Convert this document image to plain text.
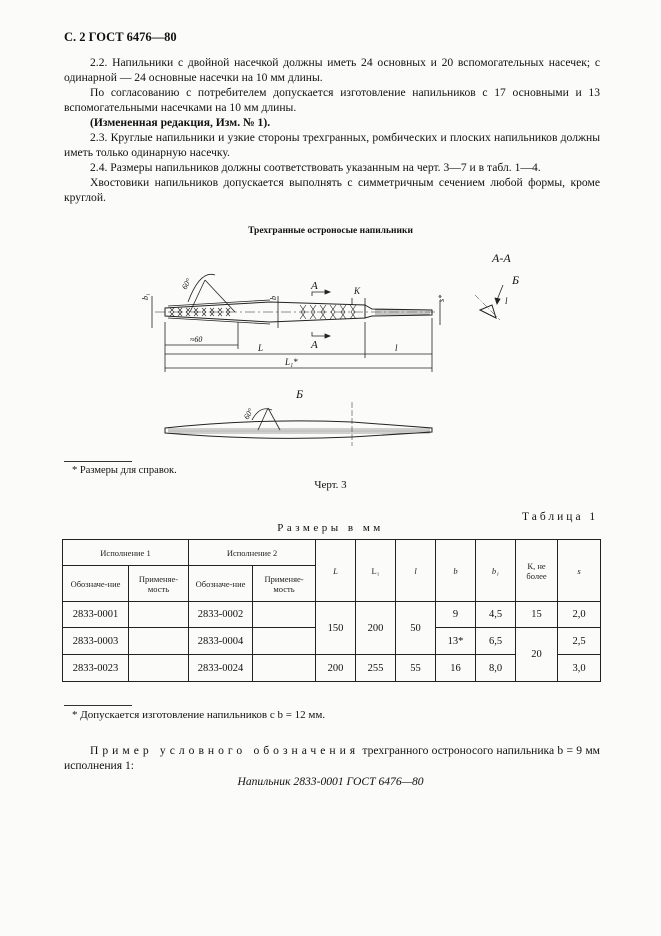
С. 2 ГОСТ 6476—80
2.2. Напильники с двойной насечкой должны иметь 24 основных и 20 вспомогательных насечек; с одинарной — 24 основные насечки на 10 мм длины.
По согласованию с потребителем допускается изготовление напильников с 17 основными и 13 вспомогательными насечками на 10 мм длины.
(Измененная редакция, Изм. № 1).
2.3. Круглые напильники и узкие стороны трехгранных, ромбических и плоских напильников должны иметь только одинарную насечку.
2.4. Размеры напильников должны соответствовать указанным на черт. 3—7 и в табл. 1—4.
Хвостовики напильников допускается выполнять с симметричным сечением любой формы, кроме круглой.
Трехгранные остроносые напильники
А-А
Б
l
К
А
А
60°
60°
b₁	b	s*
≈60
L	l
L₁*
Б
* Размеры для справок.
Черт. 3
Таблица 1
Размеры в мм
Исполнение 1		Исполнение 2		L	L₁	l	b	b₁	К, не более	s
Обозначе-ние	Применяе-мость	Обозначе-ние	Применяе-мость							
2833-0001		2833-0002		150	200	50	9	4,5	15	2,0
2833-0003		2833-0004					13*	6,5	20	2,5
2833-0023		2833-0024		200	255	55	16	8,0		3,0
* Допускается изготовление напильников с b = 12 мм.
Пример условного обозначения трехгранного остроносого напильника b = 9 мм исполнения 1:
Напильник 2833-0001 ГОСТ 6476—80
